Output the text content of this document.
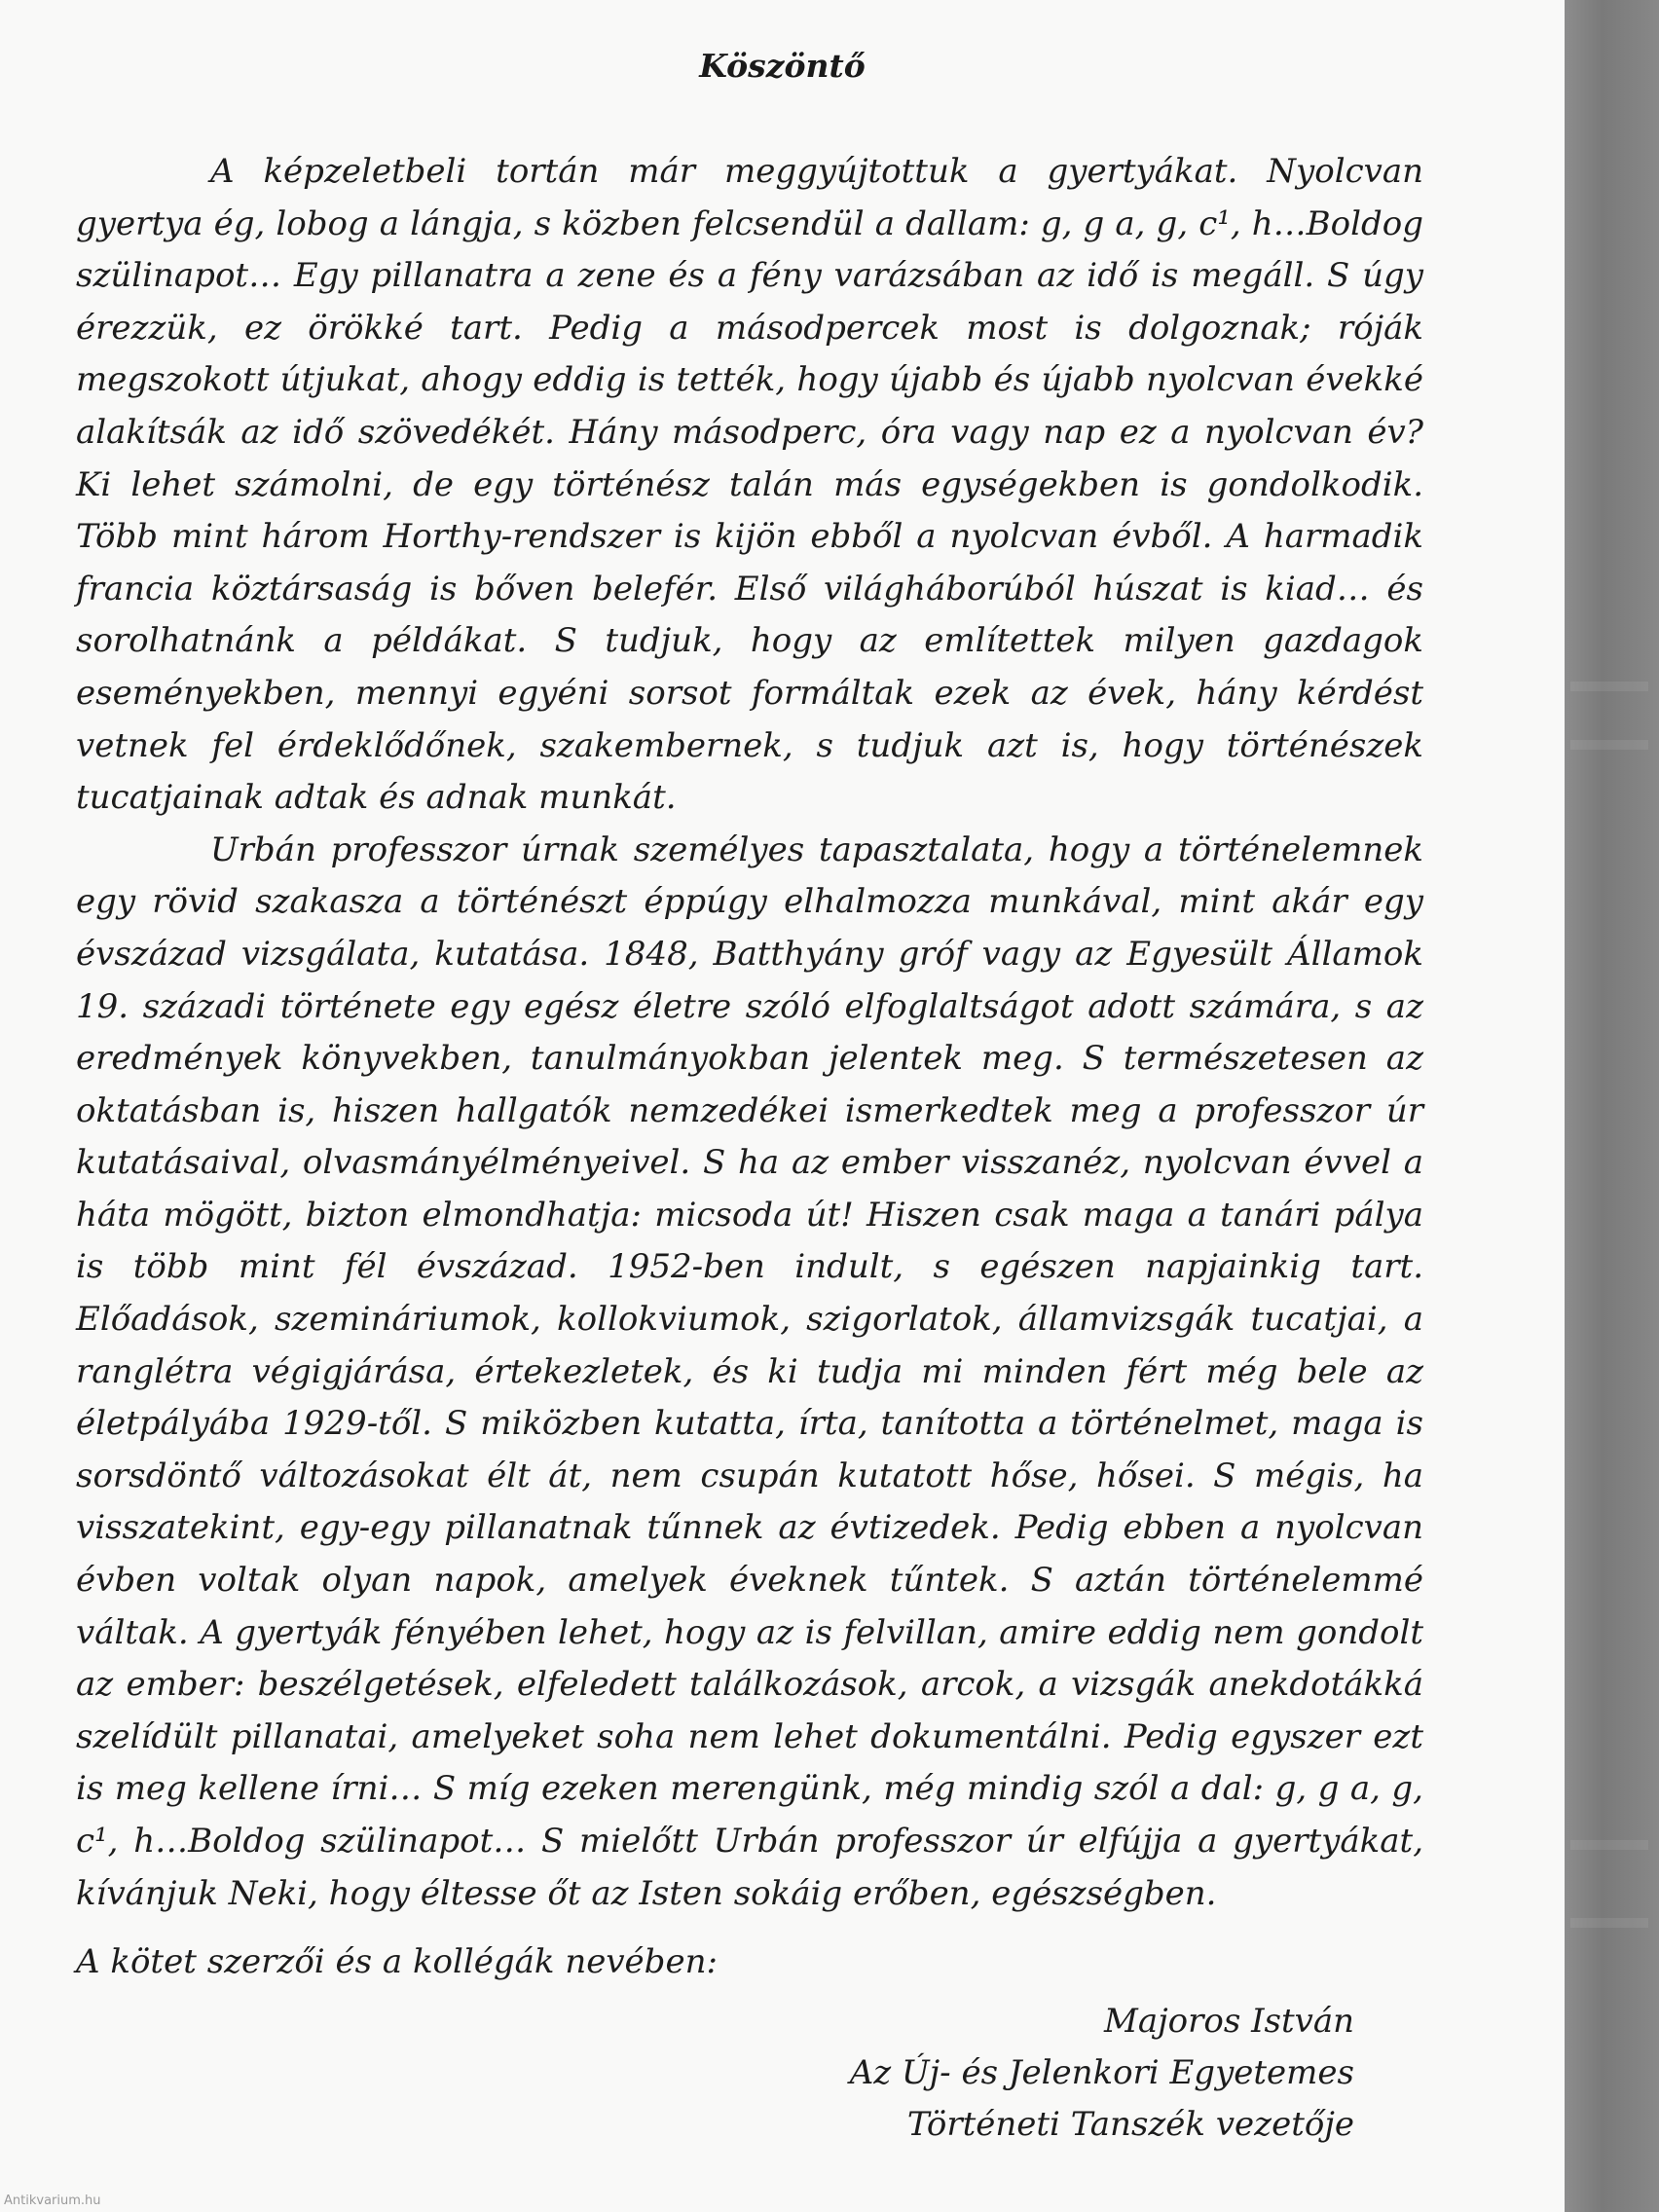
Köszöntő

A képzeletbeli tortán már meggyújtottuk a gyertyákat. Nyolcvan gyertya ég, lobog a lángja, s közben felcsendül a dallam: g, g a, g, c¹, h…Boldog szülinapot… Egy pillanatra a zene és a fény varázsában az idő is megáll. S úgy érezzük, ez örökké tart. Pedig a másodpercek most is dolgoznak; róják megszokott útjukat, ahogy eddig is tették, hogy újabb és újabb nyolcvan évekké alakítsák az idő szövedékét. Hány másodperc, óra vagy nap ez a nyolcvan év? Ki lehet számolni, de egy történész talán más egységekben is gondolkodik. Több mint három Horthy-rendszer is kijön ebből a nyolcvan évből. A harmadik francia köztársaság is bőven belefér. Első világháborúból húszat is kiad… és sorolhatnánk a példákat. S tudjuk, hogy az említettek milyen gazdagok eseményekben, mennyi egyéni sorsot formáltak ezek az évek, hány kérdést vetnek fel érdeklődőnek, szakembernek, s tudjuk azt is, hogy történészek tucatjainak adtak és adnak munkát.

Urbán professzor úrnak személyes tapasztalata, hogy a történelemnek egy rövid szakasza a történészt éppúgy elhalmozza munkával, mint akár egy évszázad vizsgálata, kutatása. 1848, Batthyány gróf vagy az Egyesült Államok 19. századi története egy egész életre szóló elfoglaltságot adott számára, s az eredmények könyvekben, tanulmányokban jelentek meg. S természetesen az oktatásban is, hiszen hallgatók nemzedékei ismerkedtek meg a professzor úr kutatásaival, olvasmányélményeivel. S ha az ember visszanéz, nyolcvan évvel a háta mögött, bizton elmondhatja: micsoda út! Hiszen csak maga a tanári pálya is több mint fél évszázad. 1952-ben indult, s egészen napjainkig tart. Előadások, szemináriumok, kollokviumok, szigorlatok, államvizsgák tucatjai, a ranglétra végigjárása, értekezletek, és ki tudja mi minden fért még bele az életpályába 1929-től. S miközben kutatta, írta, tanította a történelmet, maga is sorsdöntő változásokat élt át, nem csupán kutatott hőse, hősei. S mégis, ha visszatekint, egy-egy pillanatnak tűnnek az évtizedek. Pedig ebben a nyolcvan évben voltak olyan napok, amelyek éveknek tűntek. S aztán történelemmé váltak. A gyertyák fényében lehet, hogy az is felvillan, amire eddig nem gondolt az ember: beszélgetések, elfeledett találkozások, arcok, a vizsgák anekdotákká szelídült pillanatai, amelyeket soha nem lehet dokumentálni. Pedig egyszer ezt is meg kellene írni… S míg ezeken merengünk, még mindig szól a dal: g, g a, g, c¹, h…Boldog szülinapot… S mielőtt Urbán professzor úr elfújja a gyertyákat, kívánjuk Neki, hogy éltesse őt az Isten sokáig erőben, egészségben.

A kötet szerzői és a kollégák nevében:

Majoros István
Az Új- és Jelenkori Egyetemes
Történeti Tanszék vezetője
Antikvarium.hu
